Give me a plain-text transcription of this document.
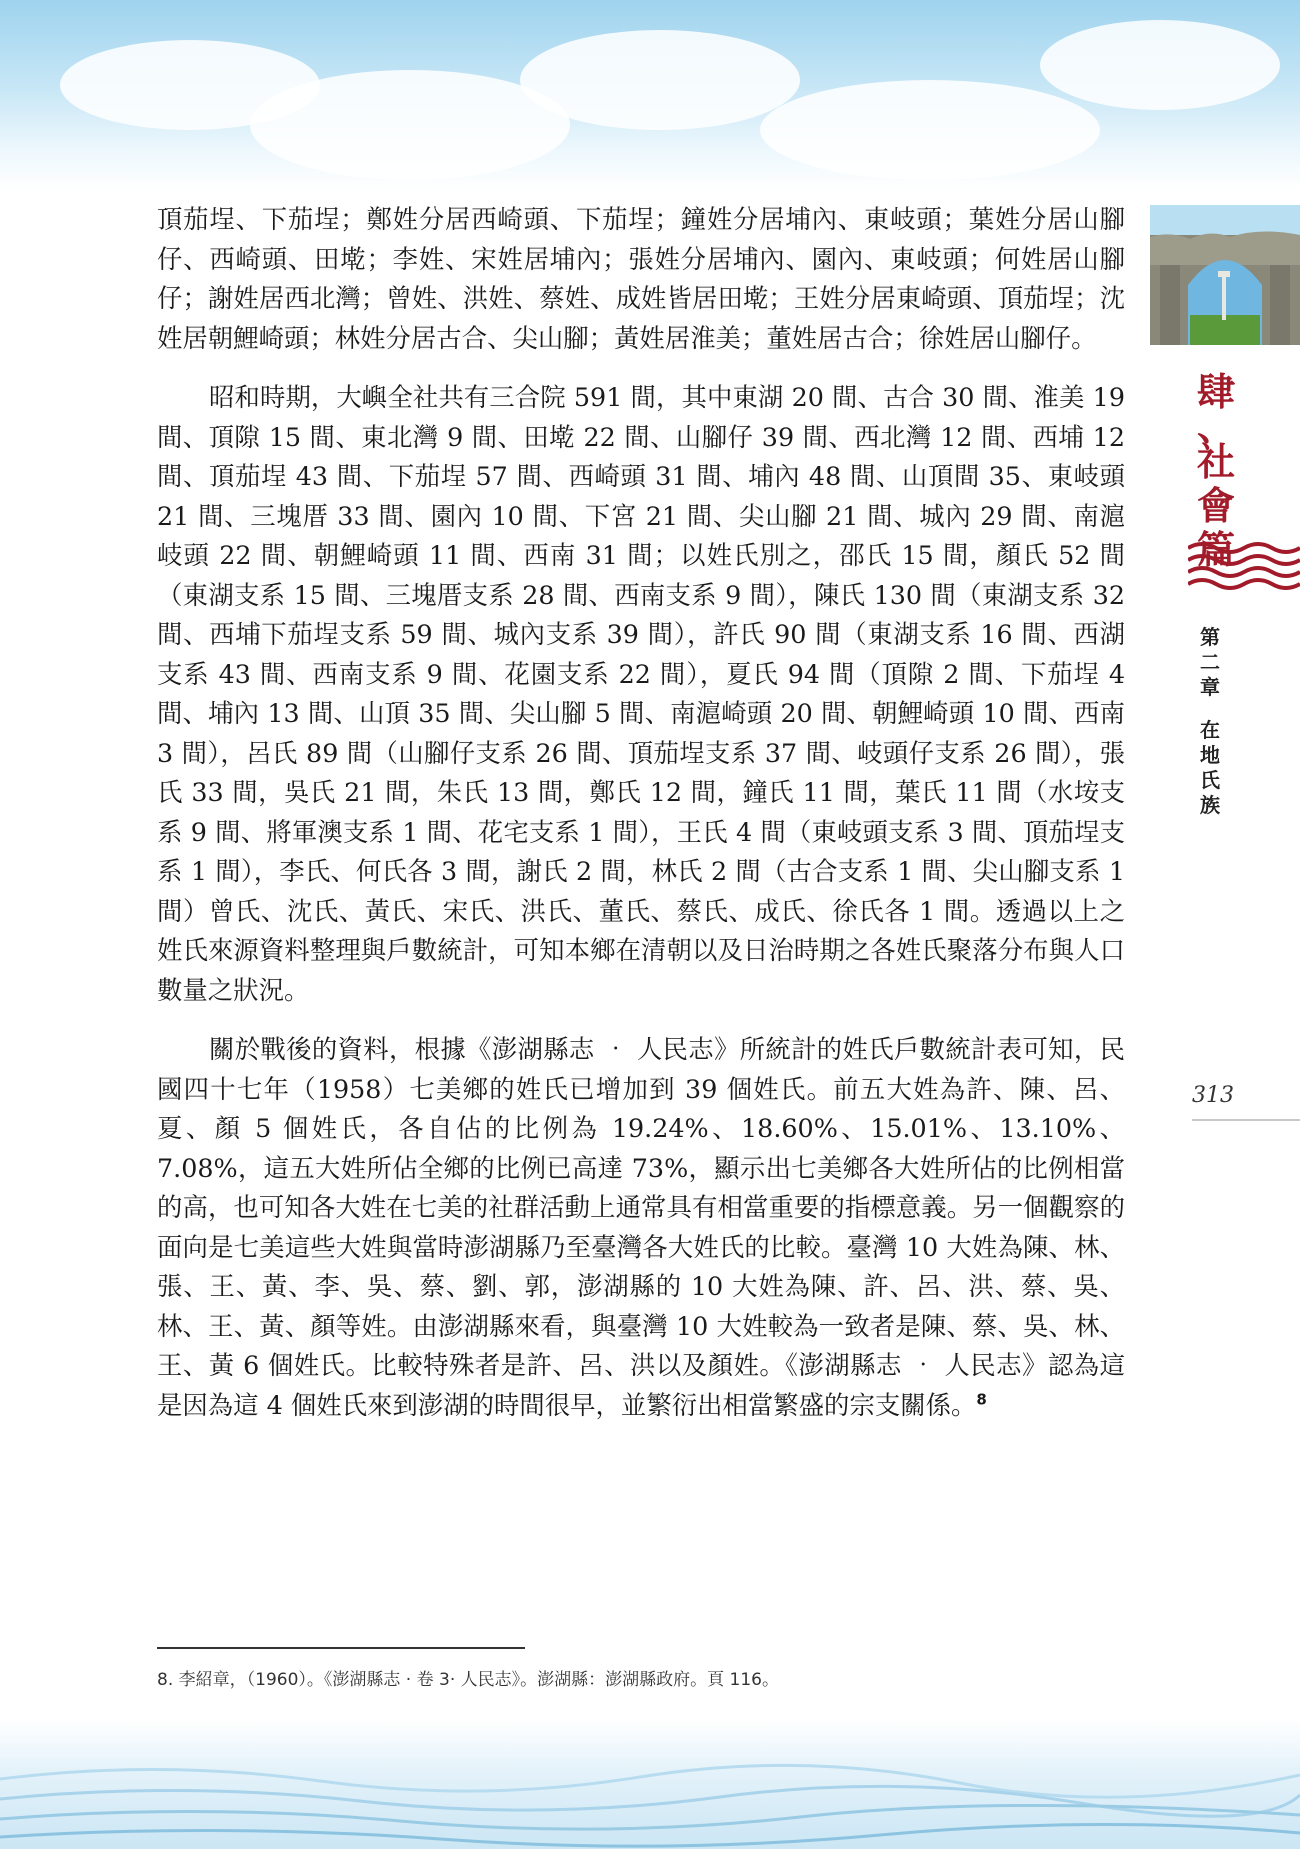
頂茄埕、下茄埕；鄭姓分居西崎頭、下茄埕；鐘姓分居埔內、東岐頭；葉姓分居山腳仔、西崎頭、田墘；李姓、宋姓居埔內；張姓分居埔內、園內、東岐頭；何姓居山腳仔；謝姓居西北灣；曾姓、洪姓、蔡姓、成姓皆居田墘；王姓分居東崎頭、頂茄埕；沈姓居朝鯉崎頭；林姓分居古合、尖山腳；黃姓居淮美；董姓居古合；徐姓居山腳仔。

昭和時期，大嶼全社共有三合院 591 間，其中東湖 20 間、古合 30 間、淮美 19 間、頂隙 15 間、東北灣 9 間、田墘 22 間、山腳仔 39 間、西北灣 12 間、西埔 12 間、頂茄埕 43 間、下茄埕 57 間、西崎頭 31 間、埔內 48 間、山頂間 35、東岐頭 21 間、三塊厝 33 間、園內 10 間、下宮 21 間、尖山腳 21 間、城內 29 間、南滬岐頭 22 間、朝鯉崎頭 11 間、西南 31 間；以姓氏別之，邵氏 15 間，顏氏 52 間（東湖支系 15 間、三塊厝支系 28 間、西南支系 9 間），陳氏 130 間（東湖支系 32 間、西埔下茄埕支系 59 間、城內支系 39 間），許氏 90 間（東湖支系 16 間、西湖支系 43 間、西南支系 9 間、花園支系 22 間），夏氏 94 間（頂隙 2 間、下茄埕 4 間、埔內 13 間、山頂 35 間、尖山腳 5 間、南滬崎頭 20 間、朝鯉崎頭 10 間、西南 3 間），呂氏 89 間（山腳仔支系 26 間、頂茄埕支系 37 間、岐頭仔支系 26 間），張氏 33 間，吳氏 21 間，朱氏 13 間，鄭氏 12 間，鐘氏 11 間，葉氏 11 間（水垵支系 9 間、將軍澳支系 1 間、花宅支系 1 間），王氏 4 間（東岐頭支系 3 間、頂茄埕支系 1 間），李氏、何氏各 3 間，謝氏 2 間，林氏 2 間（古合支系 1 間、尖山腳支系 1 間）曾氏、沈氏、黃氏、宋氏、洪氏、董氏、蔡氏、成氏、徐氏各 1 間。透過以上之姓氏來源資料整理與戶數統計，可知本鄉在清朝以及日治時期之各姓氏聚落分布與人口數量之狀況。

關於戰後的資料，根據《澎湖縣志 ‧ 人民志》所統計的姓氏戶數統計表可知，民國四十七年（1958）七美鄉的姓氏已增加到 39 個姓氏。前五大姓為許、陳、呂、夏、顏 5 個姓氏，各自佔的比例為 19.24%、18.60%、15.01%、13.10%、7.08%，這五大姓所佔全鄉的比例已高達 73%，顯示出七美鄉各大姓所佔的比例相當的高，也可知各大姓在七美的社群活動上通常具有相當重要的指標意義。另一個觀察的面向是七美這些大姓與當時澎湖縣乃至臺灣各大姓氏的比較。臺灣 10 大姓為陳、林、張、王、黃、李、吳、蔡、劉、郭，澎湖縣的 10 大姓為陳、許、呂、洪、蔡、吳、林、王、黃、顏等姓。由澎湖縣來看，與臺灣 10 大姓較為一致者是陳、蔡、吳、林、王、黃 6 個姓氏。比較特殊者是許、呂、洪以及顏姓。《澎湖縣志 ‧ 人民志》認為這是因為這 4 個姓氏來到澎湖的時間很早，並繁衍出相當繁盛的宗支關係。$^8$

肆
、
社
會
篇
第
二
章
在
地
氏
族
313
8. 李紹章，（1960）。《澎湖縣志 ‧ 卷 3‧ 人民志》。澎湖縣：澎湖縣政府。頁 116。
